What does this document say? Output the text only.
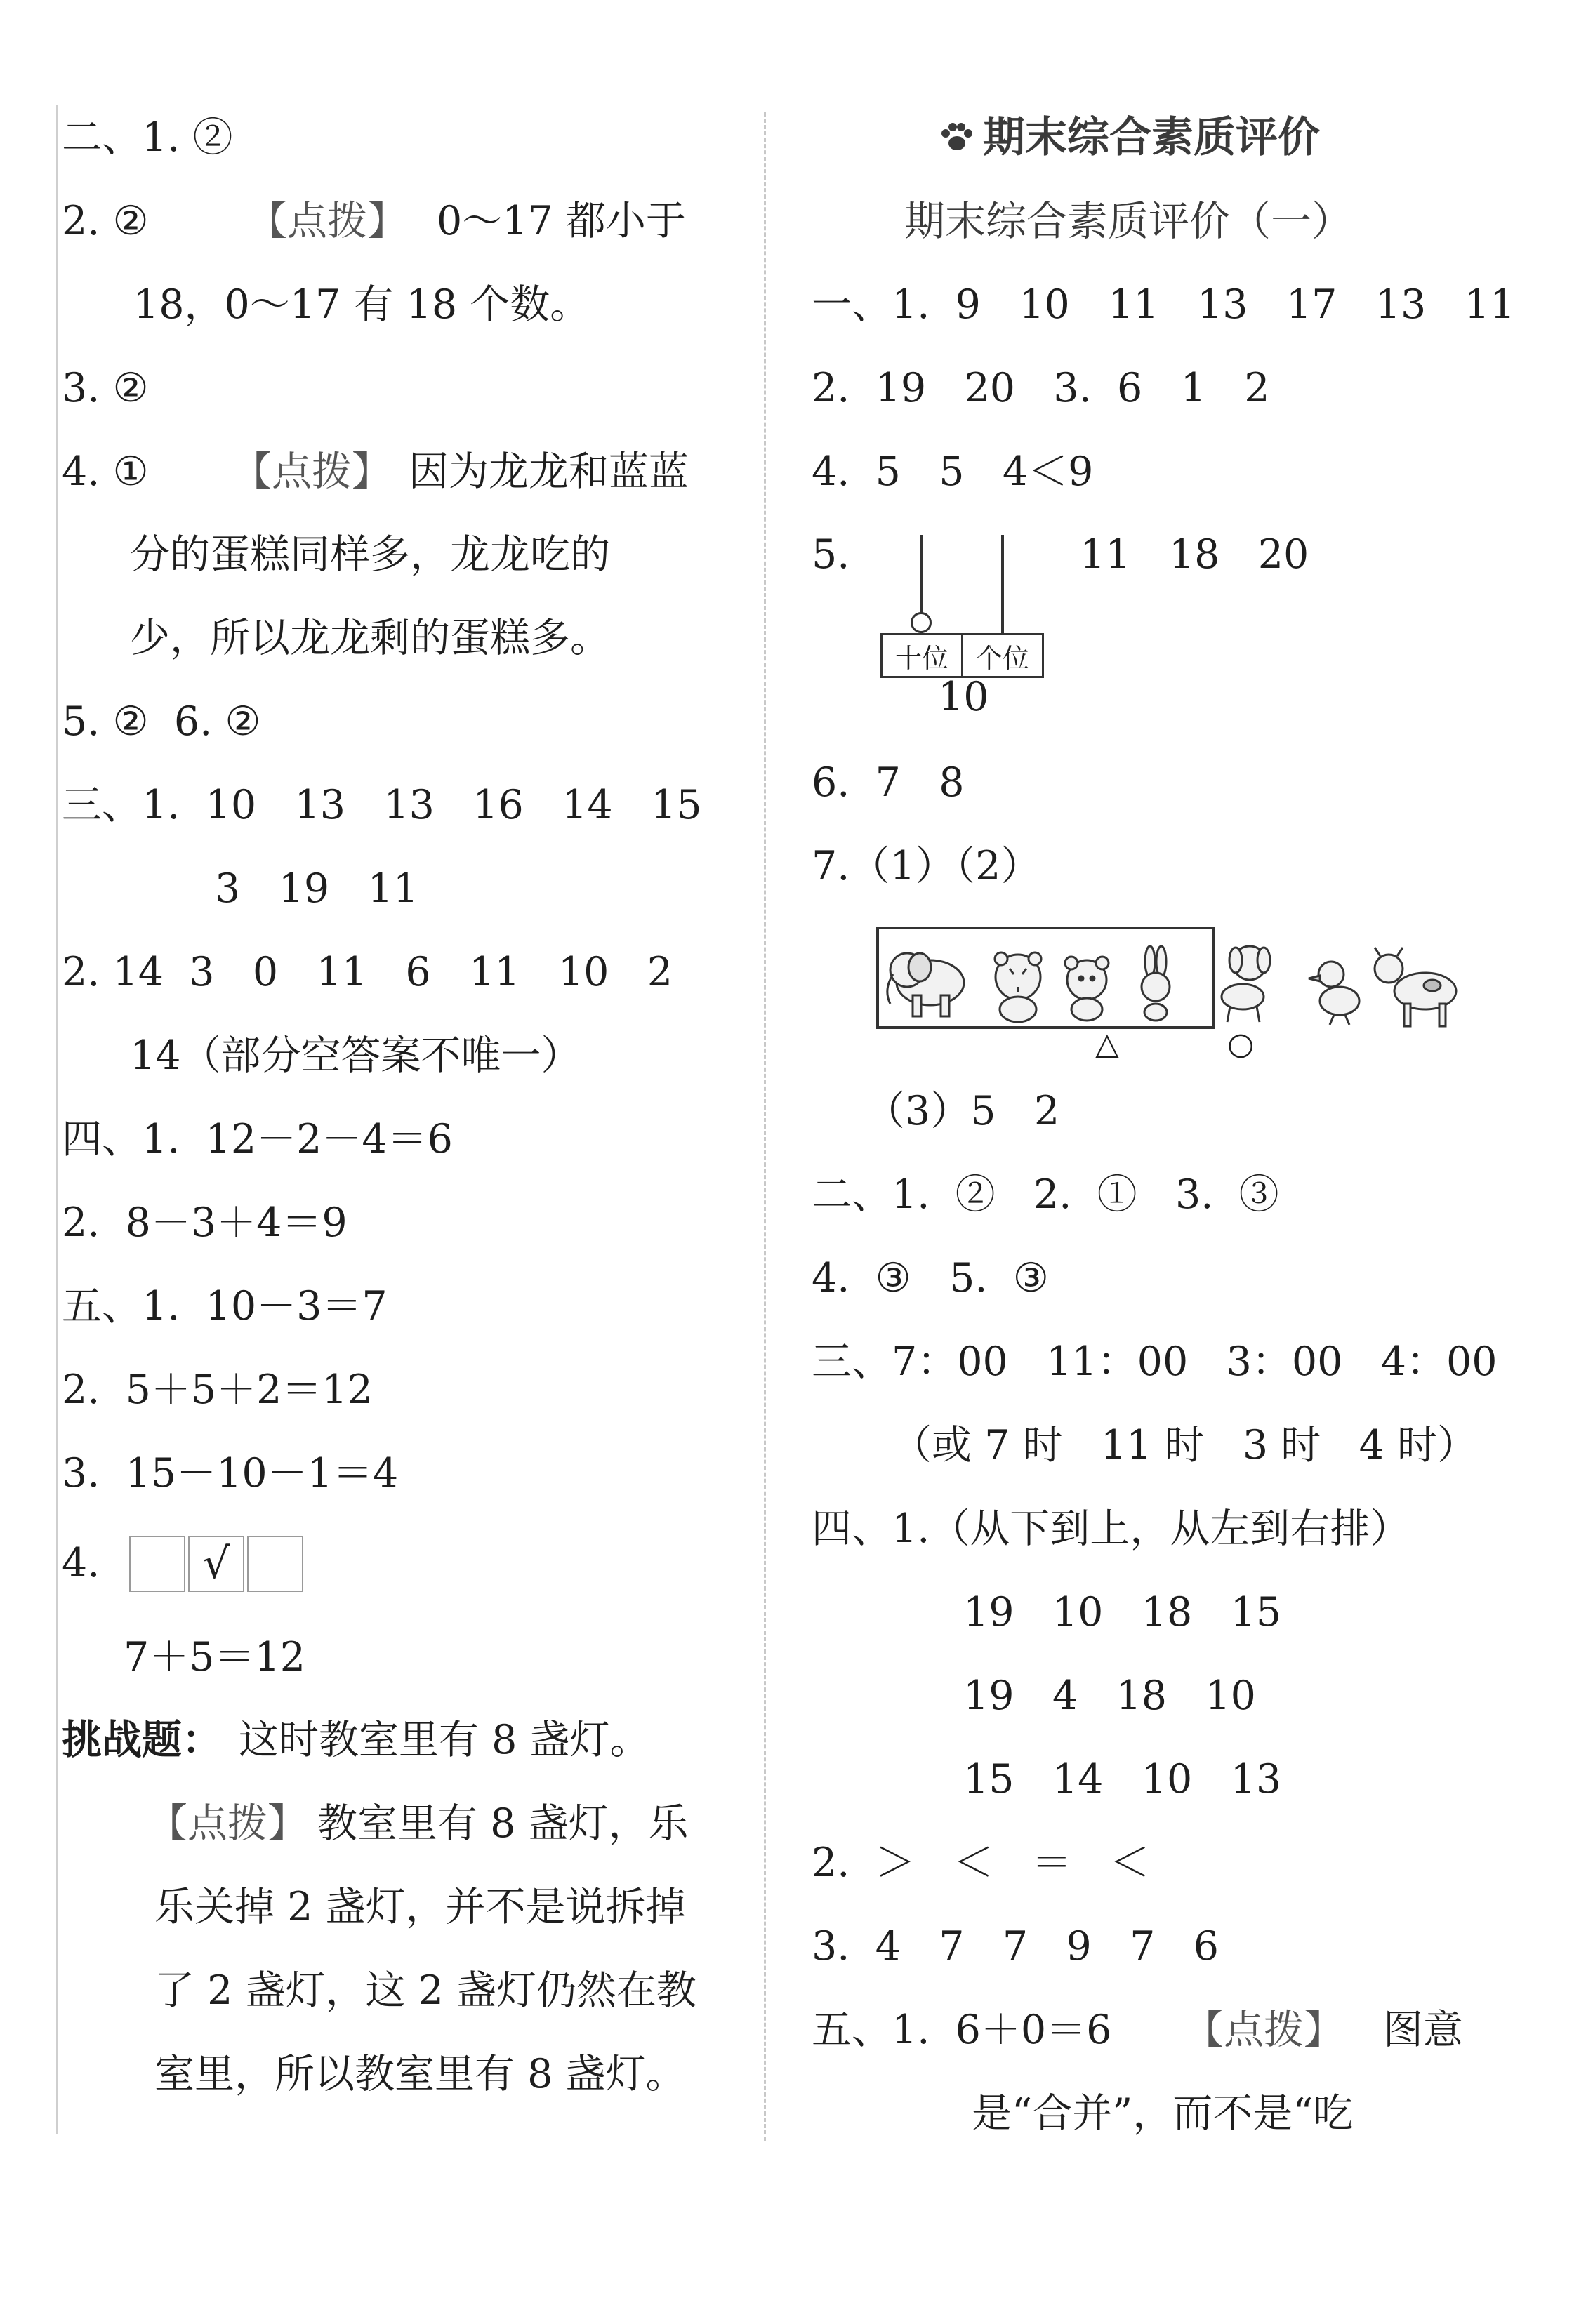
二、1. ②
2. ② 【点拨】 0～17 都小于
18，0～17 有 18 个数。
3. ②
4. ① 【点拨】 因为龙龙和蓝蓝
分的蛋糕同样多，龙龙吃的
少，所以龙龙剩的蛋糕多。
5. ②  6. ②
三、1.  10   13   13   16   14   15
3   19   11
2. 14  3   0   11   6   11   10   2
14（部分空答案不唯一）
四、1.  12－2－4＝6
2.  8－3＋4＝9
五、1.  10－3＝7
2.  5＋5＋2＝12
3.  15－10－1＝4
4.
7＋5＝12
挑战题： 这时教室里有 8 盏灯。
【点拨】 教室里有 8 盏灯，乐
乐关掉 2 盏灯，并不是说拆掉
了 2 盏灯，这 2 盏灯仍然在教
室里，所以教室里有 8 盏灯。
期末综合素质评价
期末综合素质评价（一）
一、1.  9   10   11   13   17   13   11
2.  19   20   3.  6   1   2
4.  5   5   4＜9
5.	11   18   20
10
6.  7   8
7.（1）（2）
（3）5   2
二、1.  ②   2.  ①   3.  ③
4.  ③   5.  ③
三、7：00   11：00   3：00   4：00
（或 7 时   11 时   3 时   4 时）
四、1.（从下到上，从左到右排）
19   10   18   15
19   4   18   10
15   14   10   13
2.  ＞   ＜   ＝   ＜
3.  4   7   7   9   7   6
五、1.  6＋0＝6 【点拨】 图意
是“合并”，而不是“吃
十位	个位
√
△	○
